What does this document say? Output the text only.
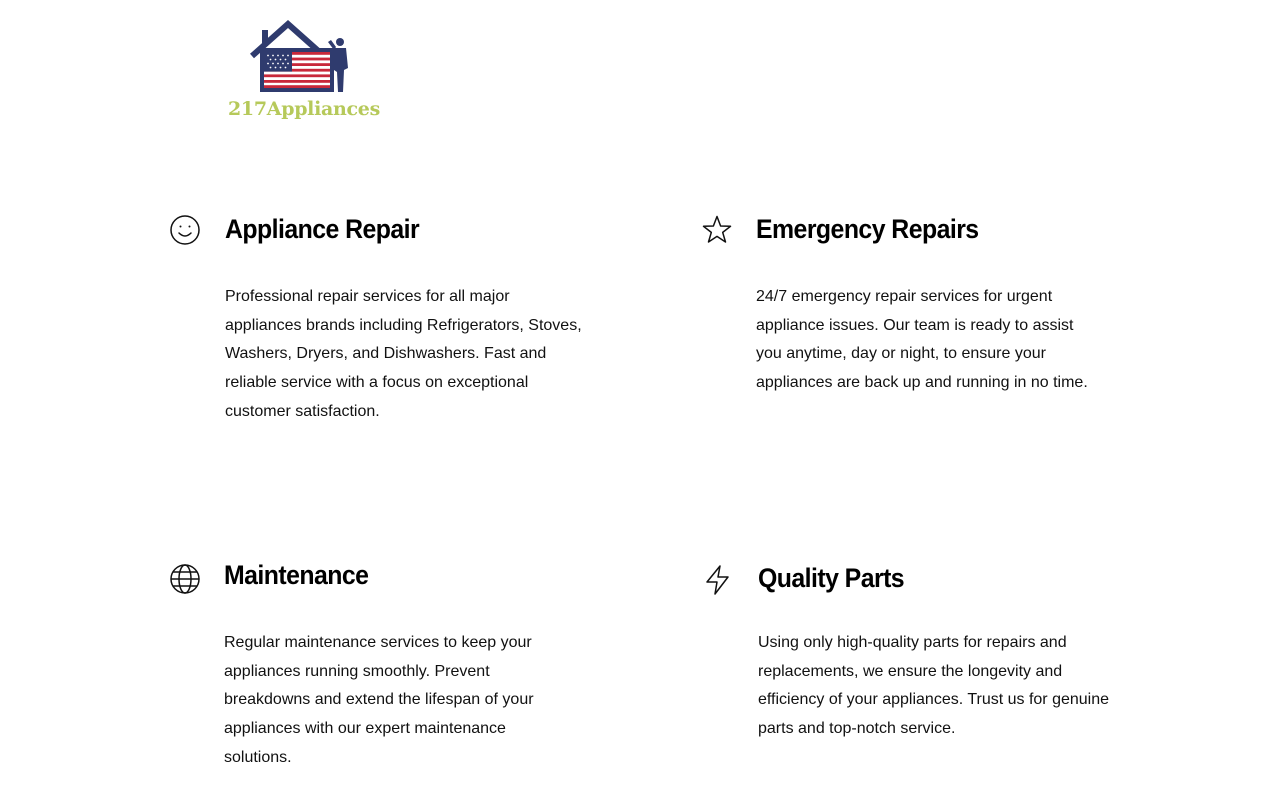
217Appliances
Appliance Repair

Professional repair services for all major appliances brands including Refrigerators, Stoves, Washers, Dryers, and Dishwashers. Fast and reliable service with a focus on exceptional customer satisfaction.

Emergency Repairs

24/7 emergency repair services for urgent appliance issues. Our team is ready to assist you anytime, day or night, to ensure your appliances are back up and running in no time.

Maintenance

Regular maintenance services to keep your appliances running smoothly. Prevent breakdowns and extend the lifespan of your appliances with our expert maintenance solutions.

Quality Parts

Using only high-quality parts for repairs and replacements, we ensure the longevity and efficiency of your appliances. Trust us for genuine parts and top-notch service.
